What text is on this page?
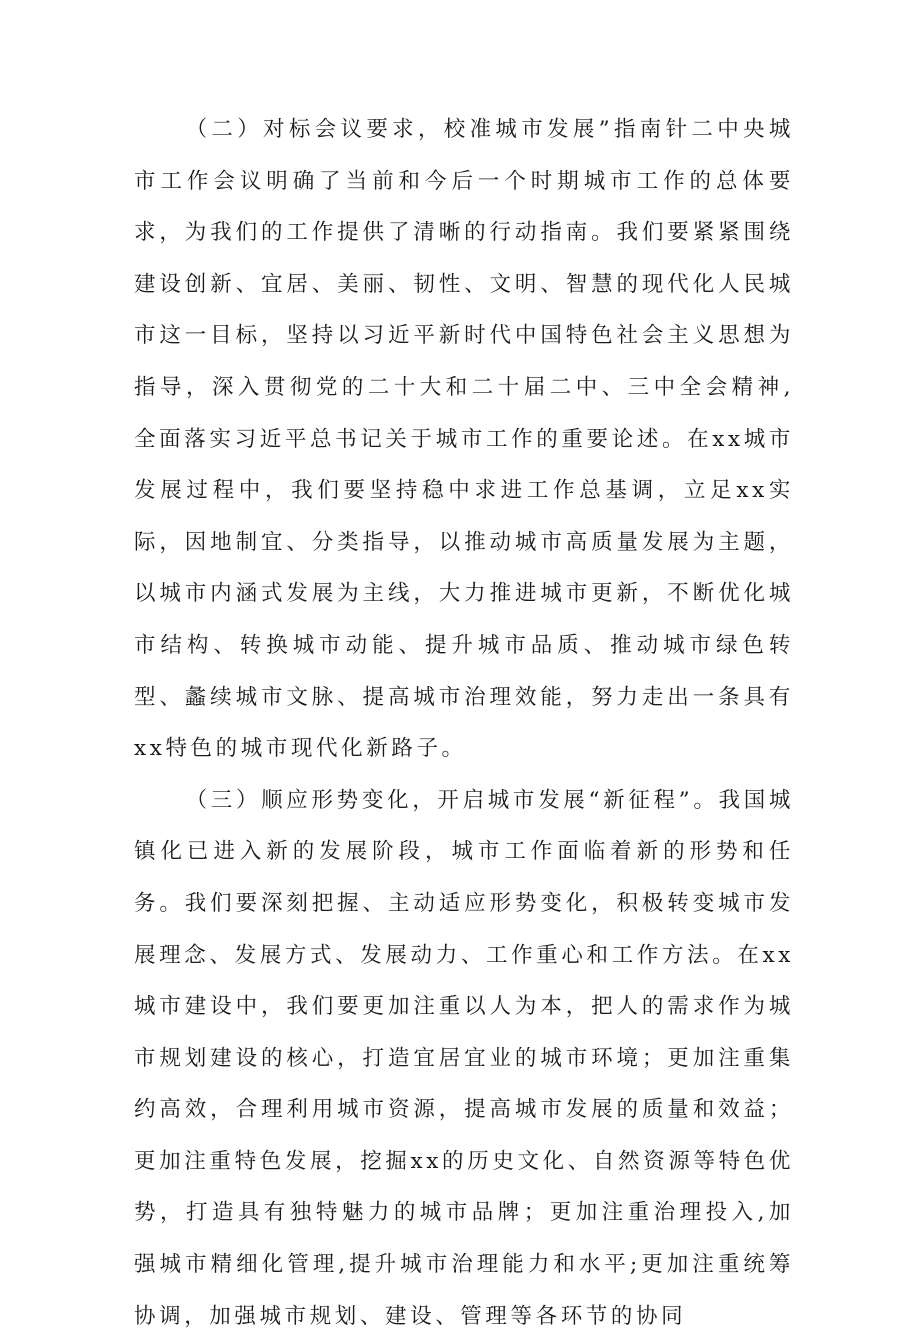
（二）对标会议要求，校准城市发展”指南针二中央城市工作会议明确了当前和今后一个时期城市工作的总体要求，为我们的工作提供了清晰的行动指南。我们要紧紧围绕建设创新、宜居、美丽、韧性、文明、智慧的现代化人民城市这一目标，坚持以习近平新时代中国特色社会主义思想为指导，深入贯彻党的二十大和二十届二中、三中全会精神,全面落实习近平总书记关于城市工作的重要论述。在xx城市发展过程中，我们要坚持稳中求进工作总基调，立足xx实际，因地制宜、分类指导，以推动城市高质量发展为主题，以城市内涵式发展为主线，大力推进城市更新，不断优化城市结构、转换城市动能、提升城市品质、推动城市绿色转型、蠡续城市文脉、提高城市治理效能，努力走出一条具有xx特色的城市现代化新路子。

（三）顺应形势变化，开启城市发展“新征程”。我国城镇化已进入新的发展阶段，城市工作面临着新的形势和任务。我们要深刻把握、主动适应形势变化，积极转变城市发展理念、发展方式、发展动力、工作重心和工作方法。在xx城市建设中，我们要更加注重以人为本，把人的需求作为城市规划建设的核心，打造宜居宜业的城市环境；更加注重集约高效，合理利用城市资源，提高城市发展的质量和效益；更加注重特色发展，挖掘xx的历史文化、自然资源等特色优势，打造具有独特魅力的城市品牌；更加注重治理投入,加强城市精细化管理,提升城市治理能力和水平;更加注重统筹协调，加强城市规划、建设、管理等各环节的协同
